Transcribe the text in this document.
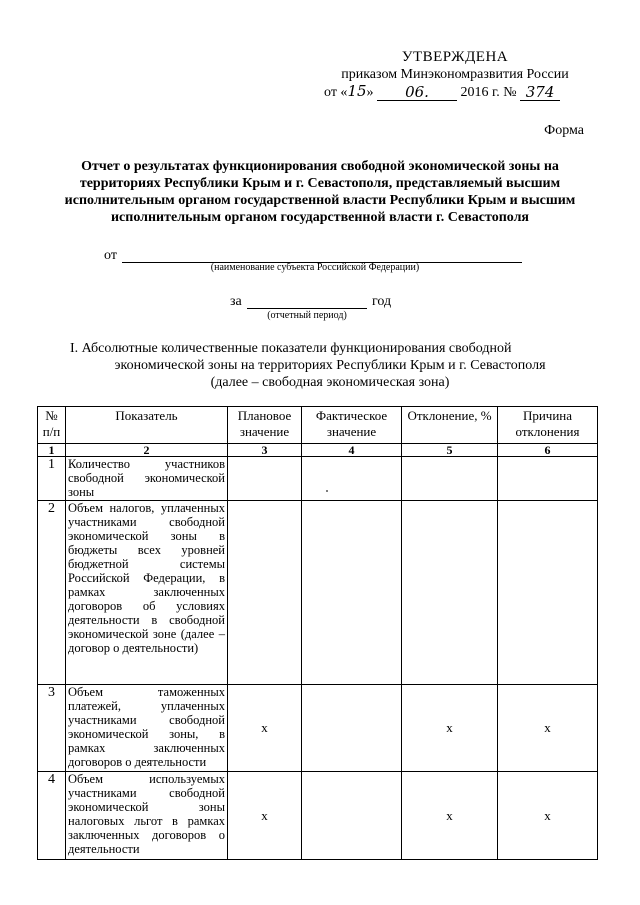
УТВЕРЖДЕНА
приказом Минэкономразвития России
от «15» 06. 2016 г. № 374
Форма
Отчет о результатах функционирования свободной экономической зоны на территориях Республики Крым и г. Севастополя, представляемый высшим исполнительным органом государственной власти Республики Крым и высшим исполнительным органом государственной власти г. Севастополя
от
(наименование субъекта Российской Федерации)
за	год
(отчетный период)
I. Абсолютные количественные показатели функционирования свободной
экономической зоны на территориях Республики Крым и г. Севастополя
(далее – свободная экономическая зона)
№ п/п	Показатель	Плановое значение	Фактическое значение	Отклонение, %	Причина отклонения
1	2	3	4	5	6
1	Количество участников свободной экономической зоны				
2	Объем налогов, уплаченных участниками свободной экономической зоны в бюджеты всех уровней бюджетной системы Российской Федерации, в рамках заключенных договоров об условиях деятельности в свободной экономической зоне (далее – договор о деятельности)				
3	Объем таможенных платежей, уплаченных участниками свободной экономической зоны, в рамках заключенных договоров о деятельности	х		х	х
4	Объем используемых участниками свободной экономической зоны налоговых льгот в рамках заключенных договоров о деятельности	х		х	х
